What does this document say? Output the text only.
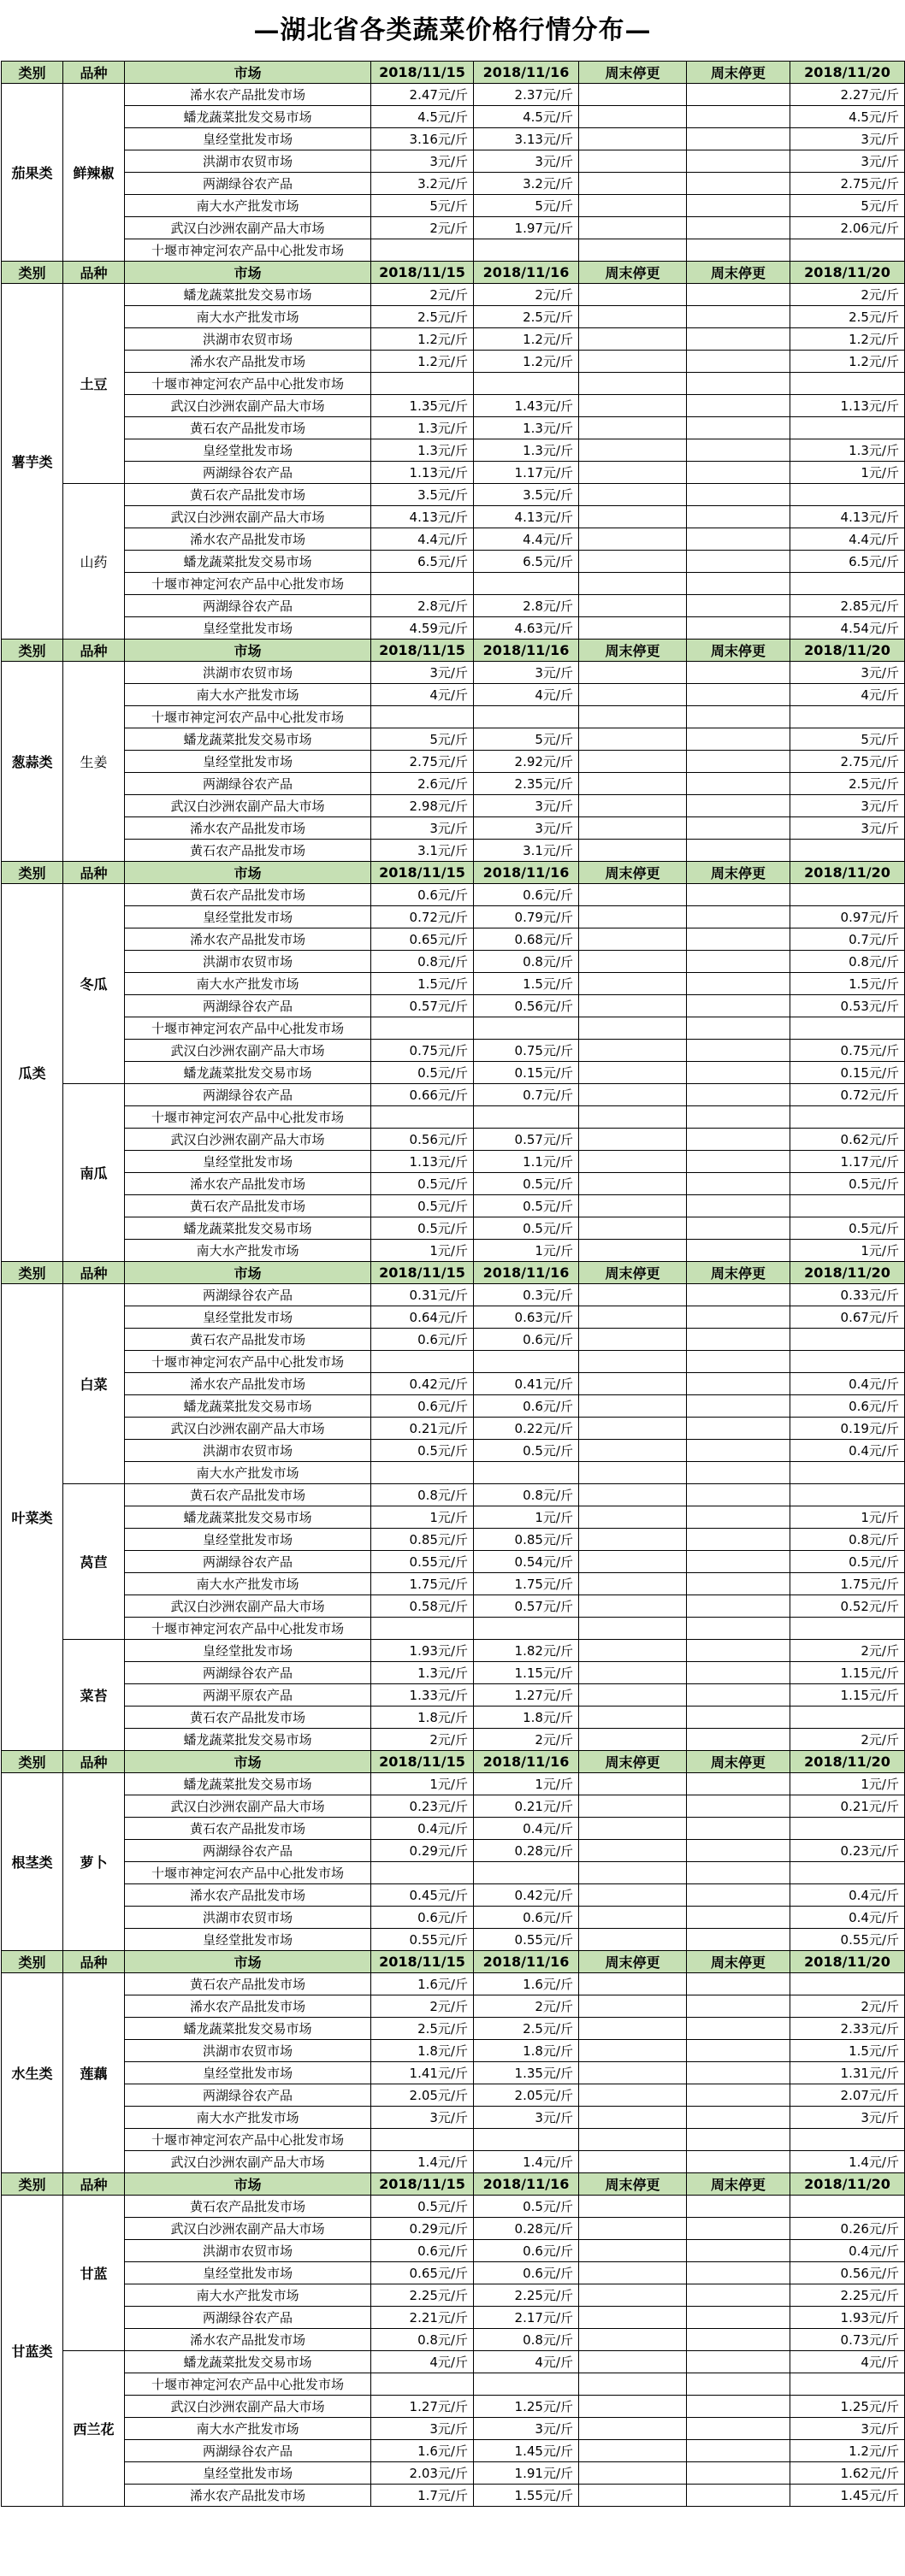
—湖北省各类蔬菜价格行情分布—
类别	品种	市场	2018/11/15	2018/11/16	周末停更	周末停更	2018/11/20
茄果类	鲜辣椒	浠水农产品批发市场	2.47元/斤	2.37元/斤			2.27元/斤
		蟠龙蔬菜批发交易市场	4.5元/斤	4.5元/斤			4.5元/斤
		皇经堂批发市场	3.16元/斤	3.13元/斤			3元/斤
		洪湖市农贸市场	3元/斤	3元/斤			3元/斤
		两湖绿谷农产品	3.2元/斤	3.2元/斤			2.75元/斤
		南大水产批发市场	5元/斤	5元/斤			5元/斤
		武汉白沙洲农副产品大市场	2元/斤	1.97元/斤			2.06元/斤
		十堰市神定河农产品中心批发市场					
类别	品种	市场	2018/11/15	2018/11/16	周末停更	周末停更	2018/11/20
薯芋类	土豆	蟠龙蔬菜批发交易市场	2元/斤	2元/斤			2元/斤
		南大水产批发市场	2.5元/斤	2.5元/斤			2.5元/斤
		洪湖市农贸市场	1.2元/斤	1.2元/斤			1.2元/斤
		浠水农产品批发市场	1.2元/斤	1.2元/斤			1.2元/斤
		十堰市神定河农产品中心批发市场					
		武汉白沙洲农副产品大市场	1.35元/斤	1.43元/斤			1.13元/斤
		黄石农产品批发市场	1.3元/斤	1.3元/斤			
		皇经堂批发市场	1.3元/斤	1.3元/斤			1.3元/斤
		两湖绿谷农产品	1.13元/斤	1.17元/斤			1元/斤
	山药	黄石农产品批发市场	3.5元/斤	3.5元/斤			
		武汉白沙洲农副产品大市场	4.13元/斤	4.13元/斤			4.13元/斤
		浠水农产品批发市场	4.4元/斤	4.4元/斤			4.4元/斤
		蟠龙蔬菜批发交易市场	6.5元/斤	6.5元/斤			6.5元/斤
		十堰市神定河农产品中心批发市场					
		两湖绿谷农产品	2.8元/斤	2.8元/斤			2.85元/斤
		皇经堂批发市场	4.59元/斤	4.63元/斤			4.54元/斤
类别	品种	市场	2018/11/15	2018/11/16	周末停更	周末停更	2018/11/20
葱蒜类	生姜	洪湖市农贸市场	3元/斤	3元/斤			3元/斤
		南大水产批发市场	4元/斤	4元/斤			4元/斤
		十堰市神定河农产品中心批发市场					
		蟠龙蔬菜批发交易市场	5元/斤	5元/斤			5元/斤
		皇经堂批发市场	2.75元/斤	2.92元/斤			2.75元/斤
		两湖绿谷农产品	2.6元/斤	2.35元/斤			2.5元/斤
		武汉白沙洲农副产品大市场	2.98元/斤	3元/斤			3元/斤
		浠水农产品批发市场	3元/斤	3元/斤			3元/斤
		黄石农产品批发市场	3.1元/斤	3.1元/斤			
类别	品种	市场	2018/11/15	2018/11/16	周末停更	周末停更	2018/11/20
瓜类	冬瓜	黄石农产品批发市场	0.6元/斤	0.6元/斤			
		皇经堂批发市场	0.72元/斤	0.79元/斤			0.97元/斤
		浠水农产品批发市场	0.65元/斤	0.68元/斤			0.7元/斤
		洪湖市农贸市场	0.8元/斤	0.8元/斤			0.8元/斤
		南大水产批发市场	1.5元/斤	1.5元/斤			1.5元/斤
		两湖绿谷农产品	0.57元/斤	0.56元/斤			0.53元/斤
		十堰市神定河农产品中心批发市场					
		武汉白沙洲农副产品大市场	0.75元/斤	0.75元/斤			0.75元/斤
		蟠龙蔬菜批发交易市场	0.5元/斤	0.15元/斤			0.15元/斤
	南瓜	两湖绿谷农产品	0.66元/斤	0.7元/斤			0.72元/斤
		十堰市神定河农产品中心批发市场					
		武汉白沙洲农副产品大市场	0.56元/斤	0.57元/斤			0.62元/斤
		皇经堂批发市场	1.13元/斤	1.1元/斤			1.17元/斤
		浠水农产品批发市场	0.5元/斤	0.5元/斤			0.5元/斤
		黄石农产品批发市场	0.5元/斤	0.5元/斤			
		蟠龙蔬菜批发交易市场	0.5元/斤	0.5元/斤			0.5元/斤
		南大水产批发市场	1元/斤	1元/斤			1元/斤
类别	品种	市场	2018/11/15	2018/11/16	周末停更	周末停更	2018/11/20
叶菜类	白菜	两湖绿谷农产品	0.31元/斤	0.3元/斤			0.33元/斤
		皇经堂批发市场	0.64元/斤	0.63元/斤			0.67元/斤
		黄石农产品批发市场	0.6元/斤	0.6元/斤			
		十堰市神定河农产品中心批发市场					
		浠水农产品批发市场	0.42元/斤	0.41元/斤			0.4元/斤
		蟠龙蔬菜批发交易市场	0.6元/斤	0.6元/斤			0.6元/斤
		武汉白沙洲农副产品大市场	0.21元/斤	0.22元/斤			0.19元/斤
		洪湖市农贸市场	0.5元/斤	0.5元/斤			0.4元/斤
		南大水产批发市场					
	莴苣	黄石农产品批发市场	0.8元/斤	0.8元/斤			
		蟠龙蔬菜批发交易市场	1元/斤	1元/斤			1元/斤
		皇经堂批发市场	0.85元/斤	0.85元/斤			0.8元/斤
		两湖绿谷农产品	0.55元/斤	0.54元/斤			0.5元/斤
		南大水产批发市场	1.75元/斤	1.75元/斤			1.75元/斤
		武汉白沙洲农副产品大市场	0.58元/斤	0.57元/斤			0.52元/斤
		十堰市神定河农产品中心批发市场					
	菜苔	皇经堂批发市场	1.93元/斤	1.82元/斤			2元/斤
		两湖绿谷农产品	1.3元/斤	1.15元/斤			1.15元/斤
		两湖平原农产品	1.33元/斤	1.27元/斤			1.15元/斤
		黄石农产品批发市场	1.8元/斤	1.8元/斤			
		蟠龙蔬菜批发交易市场	2元/斤	2元/斤			2元/斤
类别	品种	市场	2018/11/15	2018/11/16	周末停更	周末停更	2018/11/20
根茎类	萝卜	蟠龙蔬菜批发交易市场	1元/斤	1元/斤			1元/斤
		武汉白沙洲农副产品大市场	0.23元/斤	0.21元/斤			0.21元/斤
		黄石农产品批发市场	0.4元/斤	0.4元/斤			
		两湖绿谷农产品	0.29元/斤	0.28元/斤			0.23元/斤
		十堰市神定河农产品中心批发市场					
		浠水农产品批发市场	0.45元/斤	0.42元/斤			0.4元/斤
		洪湖市农贸市场	0.6元/斤	0.6元/斤			0.4元/斤
		皇经堂批发市场	0.55元/斤	0.55元/斤			0.55元/斤
类别	品种	市场	2018/11/15	2018/11/16	周末停更	周末停更	2018/11/20
水生类	莲藕	黄石农产品批发市场	1.6元/斤	1.6元/斤			
		浠水农产品批发市场	2元/斤	2元/斤			2元/斤
		蟠龙蔬菜批发交易市场	2.5元/斤	2.5元/斤			2.33元/斤
		洪湖市农贸市场	1.8元/斤	1.8元/斤			1.5元/斤
		皇经堂批发市场	1.41元/斤	1.35元/斤			1.31元/斤
		两湖绿谷农产品	2.05元/斤	2.05元/斤			2.07元/斤
		南大水产批发市场	3元/斤	3元/斤			3元/斤
		十堰市神定河农产品中心批发市场					
		武汉白沙洲农副产品大市场	1.4元/斤	1.4元/斤			1.4元/斤
类别	品种	市场	2018/11/15	2018/11/16	周末停更	周末停更	2018/11/20
甘蓝类	甘蓝	黄石农产品批发市场	0.5元/斤	0.5元/斤			
		武汉白沙洲农副产品大市场	0.29元/斤	0.28元/斤			0.26元/斤
		洪湖市农贸市场	0.6元/斤	0.6元/斤			0.4元/斤
		皇经堂批发市场	0.65元/斤	0.6元/斤			0.56元/斤
		南大水产批发市场	2.25元/斤	2.25元/斤			2.25元/斤
		两湖绿谷农产品	2.21元/斤	2.17元/斤			1.93元/斤
		浠水农产品批发市场	0.8元/斤	0.8元/斤			0.73元/斤
	西兰花	蟠龙蔬菜批发交易市场	4元/斤	4元/斤			4元/斤
		十堰市神定河农产品中心批发市场					
		武汉白沙洲农副产品大市场	1.27元/斤	1.25元/斤			1.25元/斤
		南大水产批发市场	3元/斤	3元/斤			3元/斤
		两湖绿谷农产品	1.6元/斤	1.45元/斤			1.2元/斤
		皇经堂批发市场	2.03元/斤	1.91元/斤			1.62元/斤
		浠水农产品批发市场	1.7元/斤	1.55元/斤			1.45元/斤
